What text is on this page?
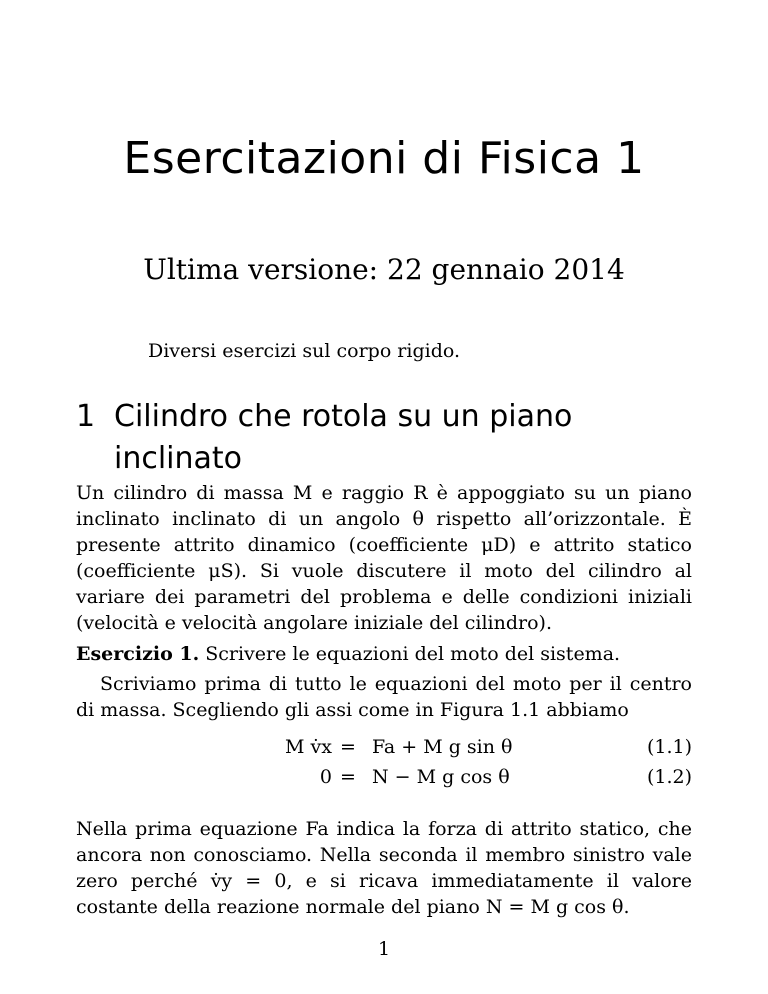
Esercitazioni di Fisica 1
Ultima versione: 22 gennaio 2014
Diversi esercizi sul corpo rigido.
1 Cilindro che rotola su un piano inclinato
Un cilindro di massa M e raggio R è appoggiato su un piano inclinato inclinato di un angolo θ rispetto all’orizzontale. È presente attrito dinamico (coefficiente μD) e attrito statico (coefficiente μS). Si vuole discutere il moto del cilindro al variare dei parametri del problema e delle condizioni iniziali (velocità e velocità angolare iniziale del cilindro).
Esercizio 1. Scrivere le equazioni del moto del sistema.
Scriviamo prima di tutto le equazioni del moto per il centro di massa. Scegliendo gli assi come in Figura 1.1 abbiamo
M v̇x = Fa + M g sin θ	(1.1)
0 = N − M g cos θ	(1.2)
Nella prima equazione Fa indica la forza di attrito statico, che ancora non conosciamo. Nella seconda il membro sinistro vale zero perché v̇y = 0, e si ricava immediatamente il valore costante della reazione normale del piano N = M g cos θ.
1
